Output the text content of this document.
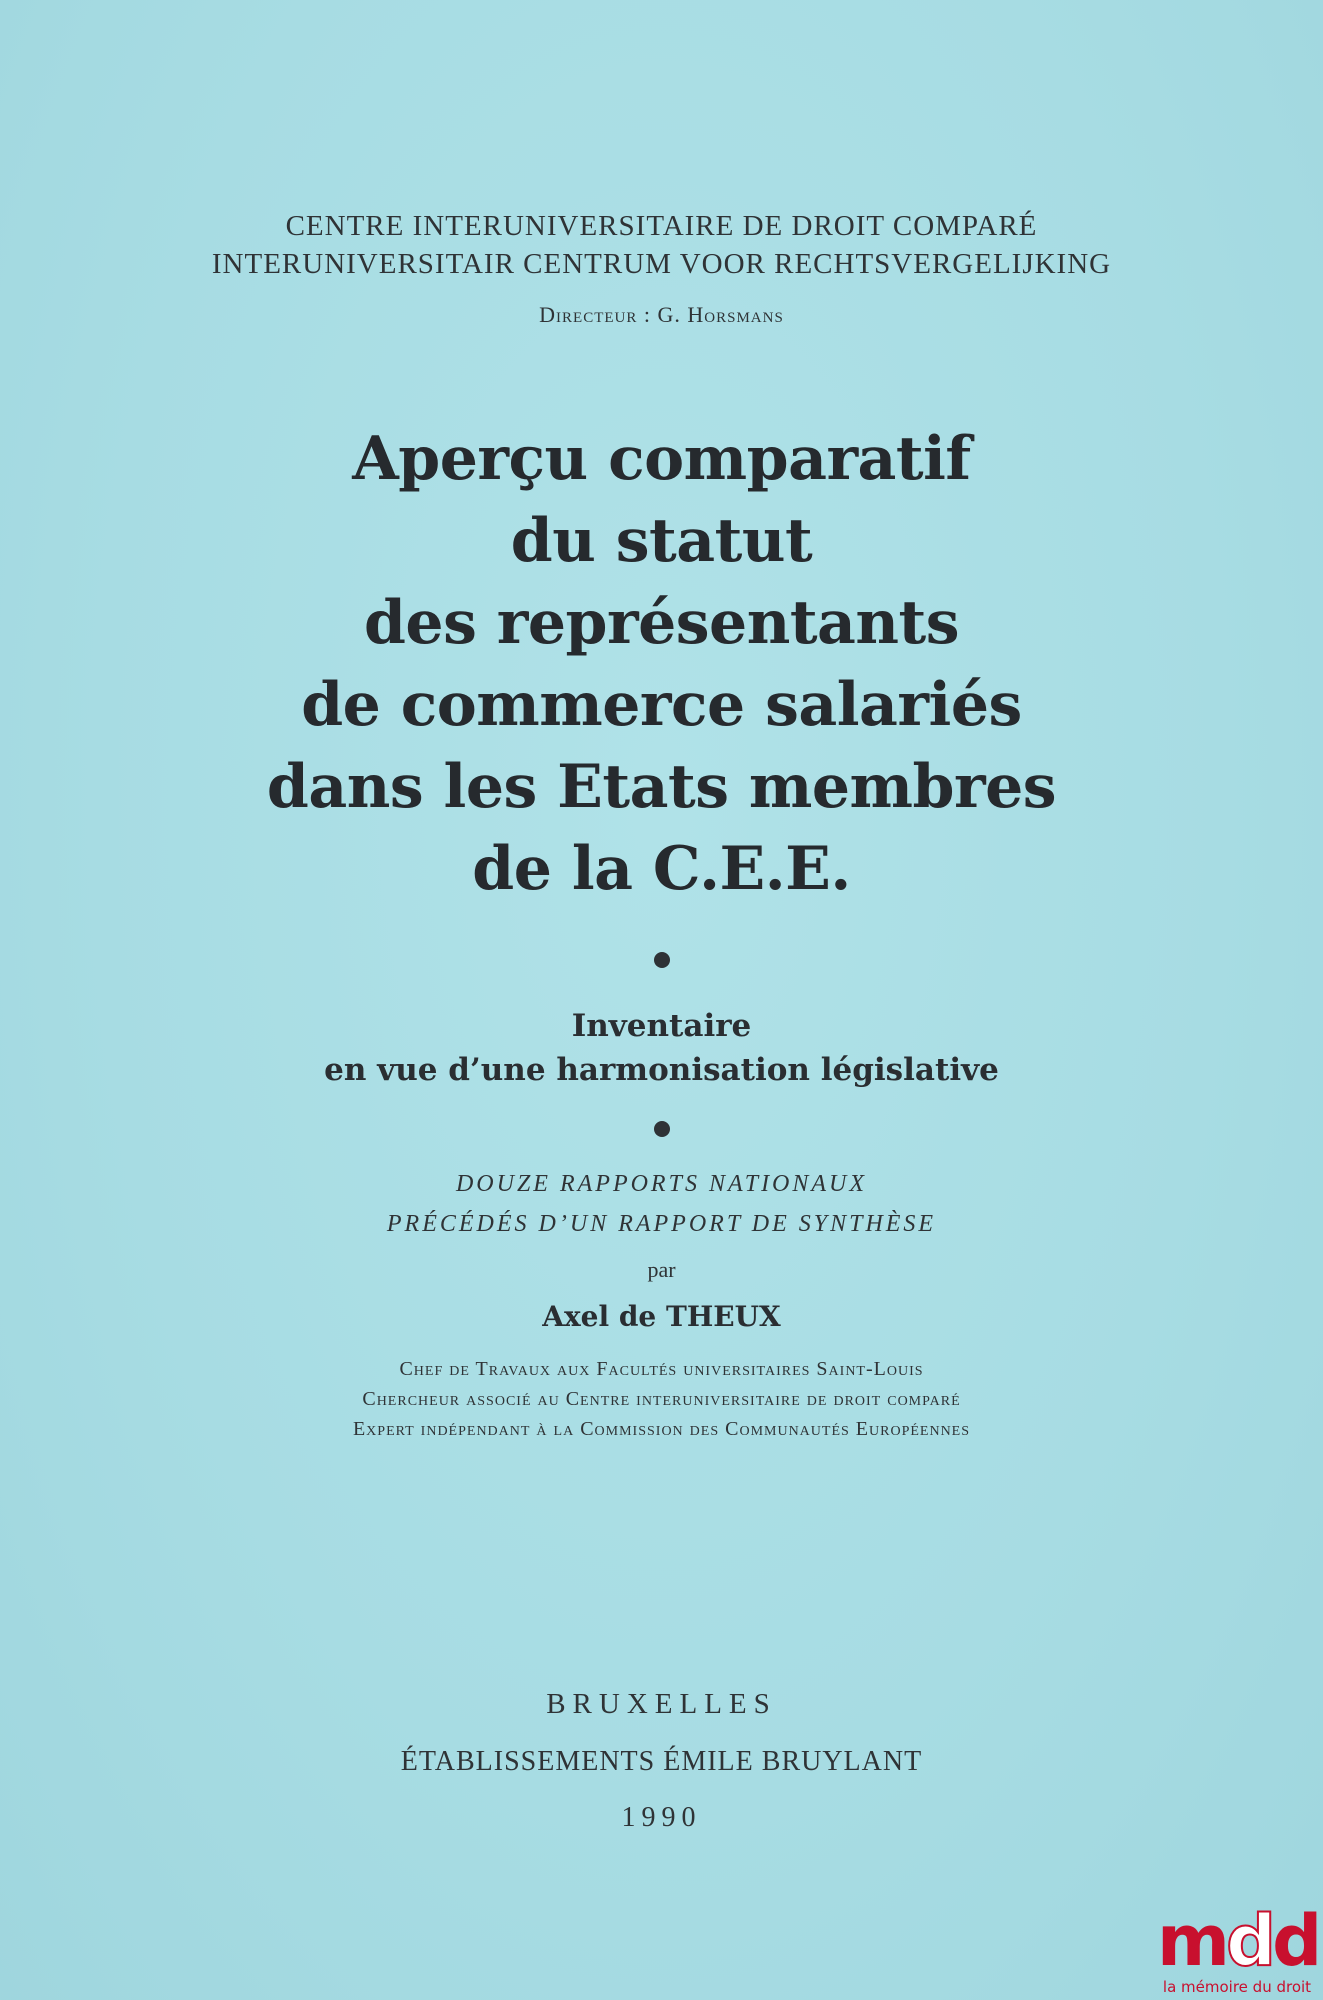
CENTRE INTERUNIVERSITAIRE DE DROIT COMPARÉ
INTERUNIVERSITAIR CENTRUM VOOR RECHTSVERGELIJKING
Directeur : G. Horsmans
Aperçu comparatif
du statut
des représentants
de commerce salariés
dans les Etats membres
de la C.E.E.
Inventaire
en vue d’une harmonisation législative
DOUZE RAPPORTS NATIONAUX
PRÉCÉDÉS D’UN RAPPORT DE SYNTHÈSE
par
Axel de THEUX
Chef de Travaux aux Facultés universitaires Saint-Louis
Chercheur associé au Centre interuniversitaire de droit comparé
Expert indépendant à la Commission des Communautés Européennes
BRUXELLES
ÉTABLISSEMENTS ÉMILE BRUYLANT
1990
mdd
la mémoire du droit
